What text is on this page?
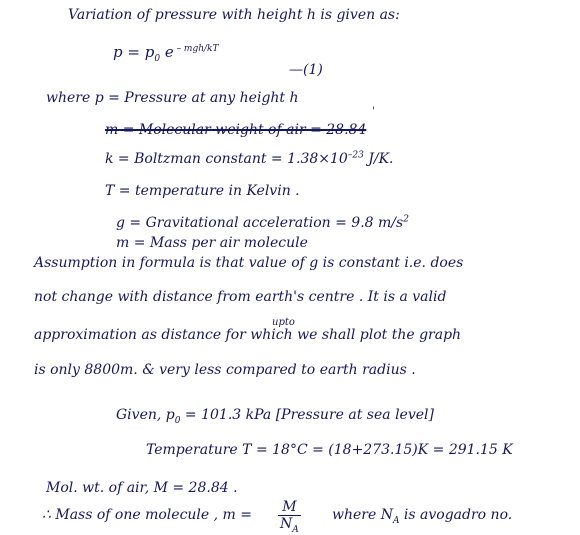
Variation of pressure with height h is given as:
$p = p_0$ e $^{- mgh/kT}$
—(1)
where p = Pressure at any height h
'
m = Molecular weight of air = 28.84
k = Boltzman constant = $1.38\times 10^{-23}$ J/K.
T = temperature in Kelvin .
g = Gravitational acceleration = 9.8 $m/s^2$
m = Mass per air molecule
Assumption in formula is that value of g is constant i.e. does
not change with distance from earth's centre . It is a valid
upto
approximation as distance for which we shall plot the graph
is only 8800m. & very less compared to earth radius .
Given, $p_0 = 101.3$ kPa [Pressure at sea level]
Temperature T = 18°C = (18+273.15)K = 291.15 K
Mol. wt. of air, M = 28.84 .
∴ Mass of one molecule , $m = \frac{M}{N_A}$ where $N_A$ is avogadro no.
